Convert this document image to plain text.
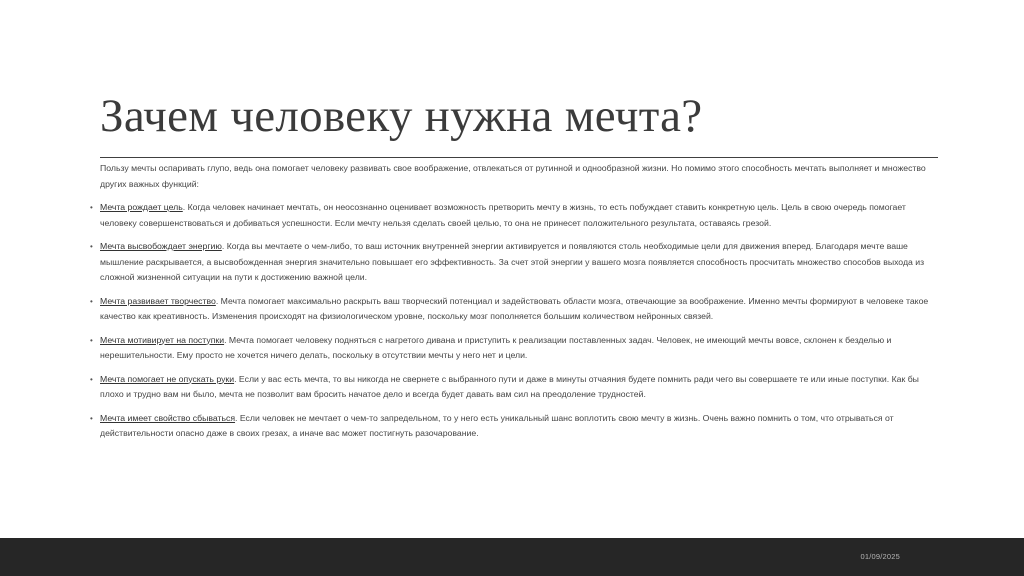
Зачем человеку нужна мечта?

Пользу мечты оспаривать глупо, ведь она помогает человеку развивать свое воображение, отвлекаться от рутинной и однообразной жизни. Но помимо этого способность мечтать выполняет и множество других важных функций:

• Мечта рождает цель. Когда человек начинает мечтать, он неосознанно оценивает возможность претворить мечту в жизнь, то есть побуждает ставить конкретную цель. Цель в свою очередь помогает человеку совершенствоваться и добиваться успешности. Если мечту нельзя сделать своей целью, то она не принесет положительного результата, оставаясь грезой.

• Мечта высвобождает энергию. Когда вы мечтаете о чем-либо, то ваш источник внутренней энергии активируется и появляются столь необходимые цели для движения вперед. Благодаря мечте ваше мышление раскрывается, а высвобожденная энергия значительно повышает его эффективность. За счет этой энергии у вашего мозга появляется способность просчитать множество способов выхода из сложной жизненной ситуации на пути к достижению важной цели.

• Мечта развивает творчество. Мечта помогает максимально раскрыть ваш творческий потенциал и задействовать области мозга, отвечающие за воображение. Именно мечты формируют в человеке такое качество как креативность. Изменения происходят на физиологическом уровне, поскольку мозг пополняется большим количеством нейронных связей.

• Мечта мотивирует на поступки. Мечта помогает человеку подняться с нагретого дивана и приступить к реализации поставленных задач. Человек, не имеющий мечты вовсе, склонен к безделью и нерешительности. Ему просто не хочется ничего делать, поскольку в отсутствии мечты у него нет и цели.

• Мечта помогает не опускать руки. Если у вас есть мечта, то вы никогда не свернете с выбранного пути и даже в минуты отчаяния будете помнить ради чего вы совершаете те или иные поступки. Как бы плохо и трудно вам ни было, мечта не позволит вам бросить начатое дело и всегда будет давать вам сил на преодоление трудностей.

• Мечта имеет свойство сбываться. Если человек не мечтает о чем-то запредельном, то у него есть уникальный шанс воплотить свою мечту в жизнь. Очень важно помнить о том, что отрываться от действительности опасно даже в своих грезах, а иначе вас может постигнуть разочарование.

01/09/2025
